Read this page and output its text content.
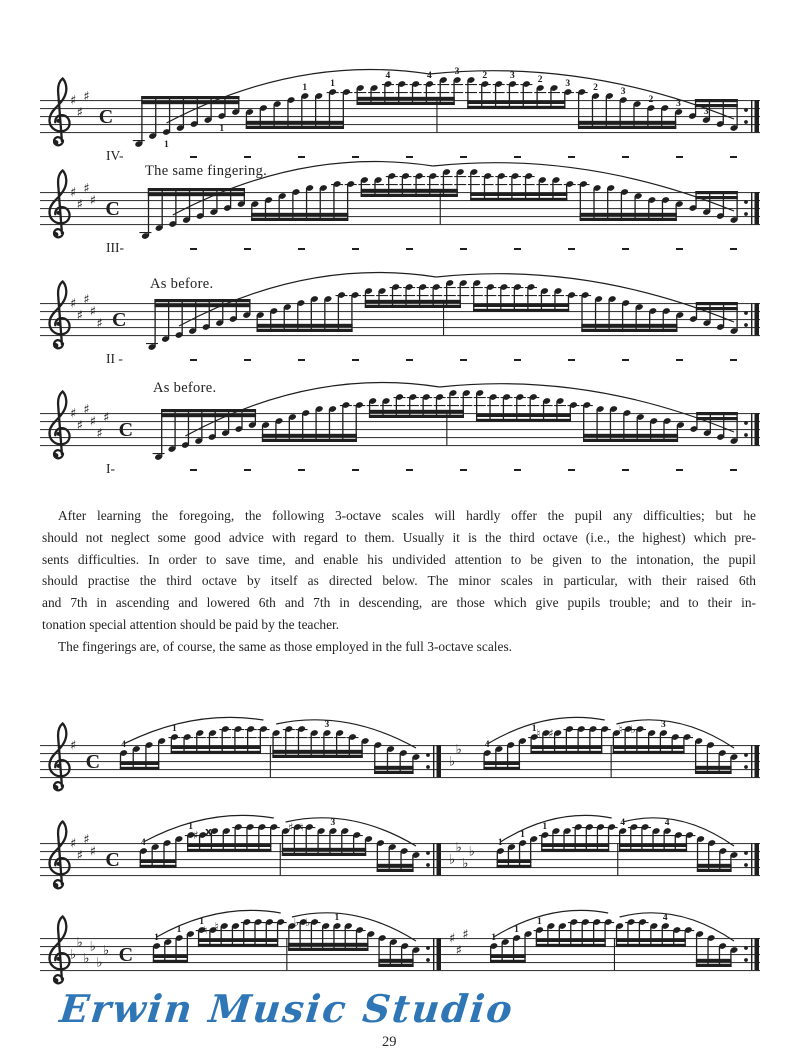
♯
♯
♯
C
1
1
1 1
4	4 3 2 3 2 3 2 3
2 3
3
IV-
The same fingering.
♯
♯
♯
♯ C
III-
As before.
♯
♯
♯
♯
♯ C
II -
As before.
♯
♯
♯
♯
♯
♯
C
I-
After learning the foregoing, the following 3-octave scales will hardly offer the pupil any difficulties; but he
should not neglect some good advice with regard to them. Usually it is the third octave (i.e., the highest) which pre-
sents difficulties. In order to save time, and enable his undivided attention to be given to the intonation, the pupil
should practise the third octave by itself as directed below. The minor scales in particular, with their raised 6th
and 7th in ascending and lowered 6th and 7th in descending, are those which give pupils trouble; and to their in-
tonation special attention should be paid by the teacher.
The fingerings are, of course, the same as those employed in the full 3-octave scales.
♯
C
4
1	3
♭
♭ 4
1	3
♮ ♯	♮ ♭
♯
♯
♯
♯ C
4
1	3
♯ x	♯ ♮
♭
♭
♭
♭
1
1
1	4	4
♭
♭
♭
♭
♭
♭ C
1
1
1	1
♮ ♮	♭ ♭
♯
♯
♯ 1
1
1	4
Erwin Music Studio
29
